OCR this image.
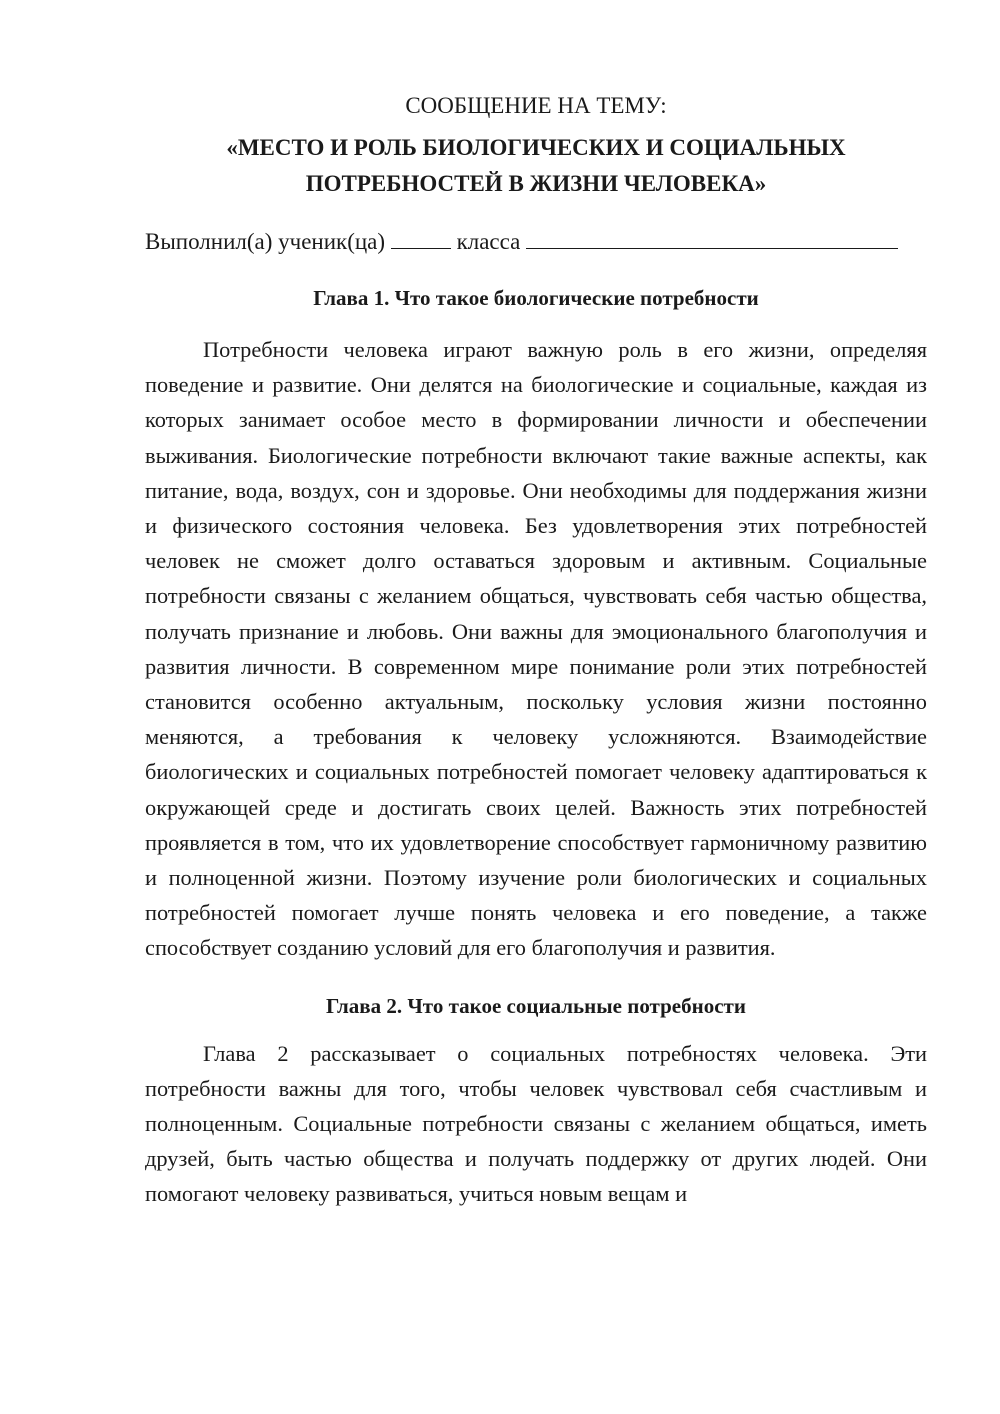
СООБЩЕНИЕ НА ТЕМУ:

«МЕСТО И РОЛЬ БИОЛОГИЧЕСКИХ И СОЦИАЛЬНЫХ

ПОТРЕБНОСТЕЙ В ЖИЗНИ ЧЕЛОВЕКА»

Выполнил(а) ученик(ца)	класса

Глава 1. Что такое биологические потребности

Потребности человека играют важную роль в его жизни, определяя поведение и развитие. Они делятся на биологические и социальные, каждая из которых занимает особое место в формировании личности и обеспечении выживания. Биологические потребности включают такие важные аспекты, как питание, вода, воздух, сон и здоровье. Они необходимы для поддержания жизни и физического состояния человека. Без удовлетворения этих потребностей человек не сможет долго оставаться здоровым и активным. Социальные потребности связаны с желанием общаться, чувствовать себя частью общества, получать признание и любовь. Они важны для эмоционального благополучия и развития личности. В современном мире понимание роли этих потребностей становится особенно актуальным, поскольку условия жизни постоянно меняются, а требования к человеку усложняются. Взаимодействие биологических и социальных потребностей помогает человеку адаптироваться к окружающей среде и достигать своих целей. Важность этих потребностей проявляется в том, что их удовлетворение способствует гармоничному развитию и полноценной жизни. Поэтому изучение роли биологических и социальных потребностей помогает лучше понять человека и его поведение, а также способствует созданию условий для его благополучия и развития.

Глава 2. Что такое социальные потребности

Глава 2 рассказывает о социальных потребностях человека. Эти потребности важны для того, чтобы человек чувствовал себя счастливым и полноценным. Социальные потребности связаны с желанием общаться, иметь друзей, быть частью общества и получать поддержку от других людей. Они помогают человеку развиваться, учиться новым вещам и
